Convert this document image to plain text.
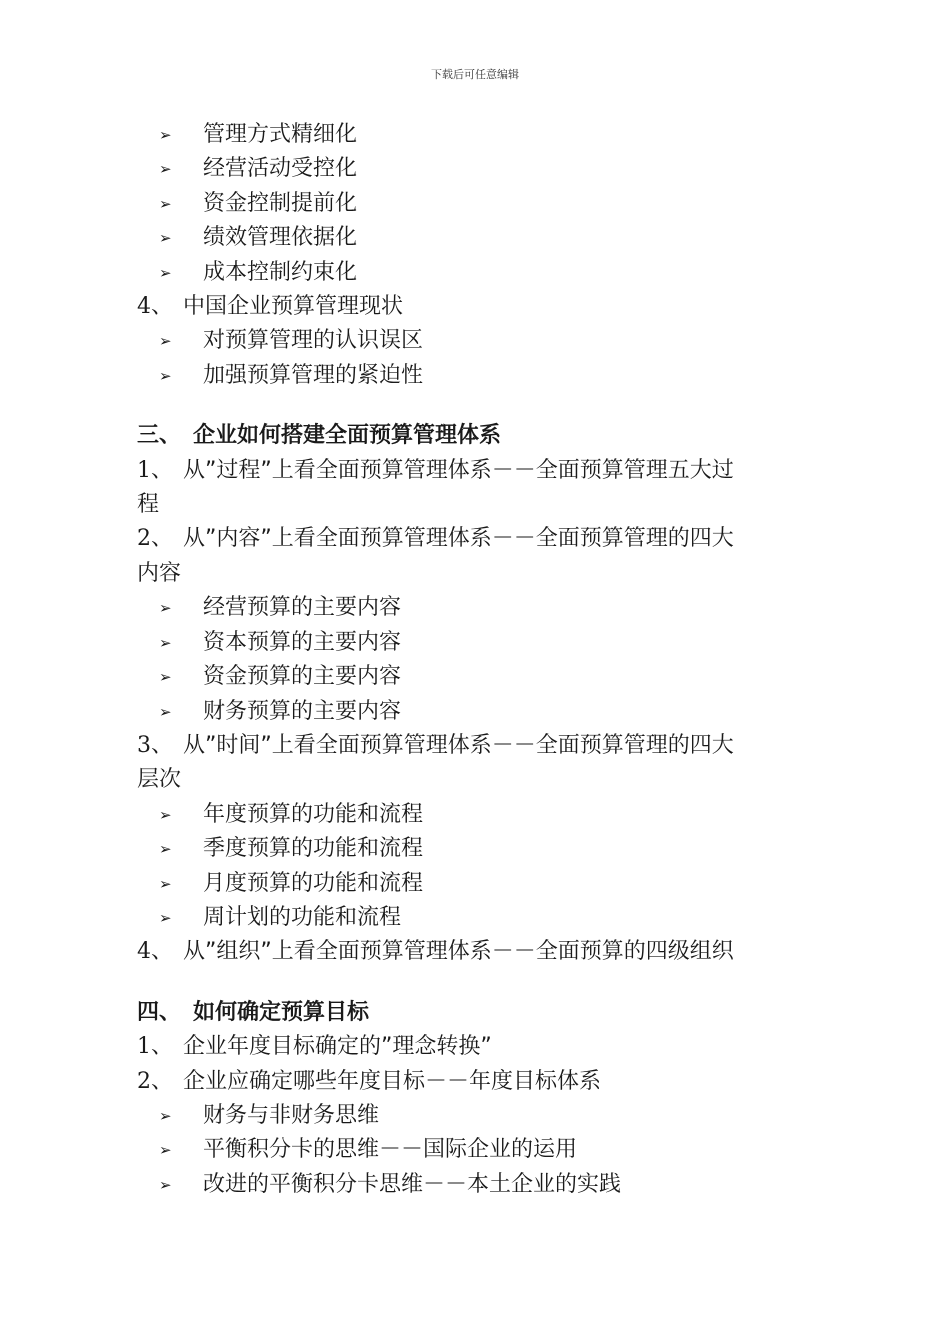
下载后可任意编辑
➢ 管理方式精细化
➢ 经营活动受控化
➢ 资金控制提前化
➢ 绩效管理依据化
➢ 成本控制约束化
4、 中国企业预算管理现状
➢ 对预算管理的认识误区
➢ 加强预算管理的紧迫性
三、 企业如何搭建全面预算管理体系
1、 从”过程”上看全面预算管理体系－－全面预算管理五大过
程
2、 从”内容”上看全面预算管理体系－－全面预算管理的四大
内容
➢ 经营预算的主要内容
➢ 资本预算的主要内容
➢ 资金预算的主要内容
➢ 财务预算的主要内容
3、 从”时间”上看全面预算管理体系－－全面预算管理的四大
层次
➢ 年度预算的功能和流程
➢ 季度预算的功能和流程
➢ 月度预算的功能和流程
➢ 周计划的功能和流程
4、 从”组织”上看全面预算管理体系－－全面预算的四级组织
四、 如何确定预算目标
1、 企业年度目标确定的”理念转换”
2、 企业应确定哪些年度目标－－年度目标体系
➢ 财务与非财务思维
➢ 平衡积分卡的思维－－国际企业的运用
➢ 改进的平衡积分卡思维－－本土企业的实践
